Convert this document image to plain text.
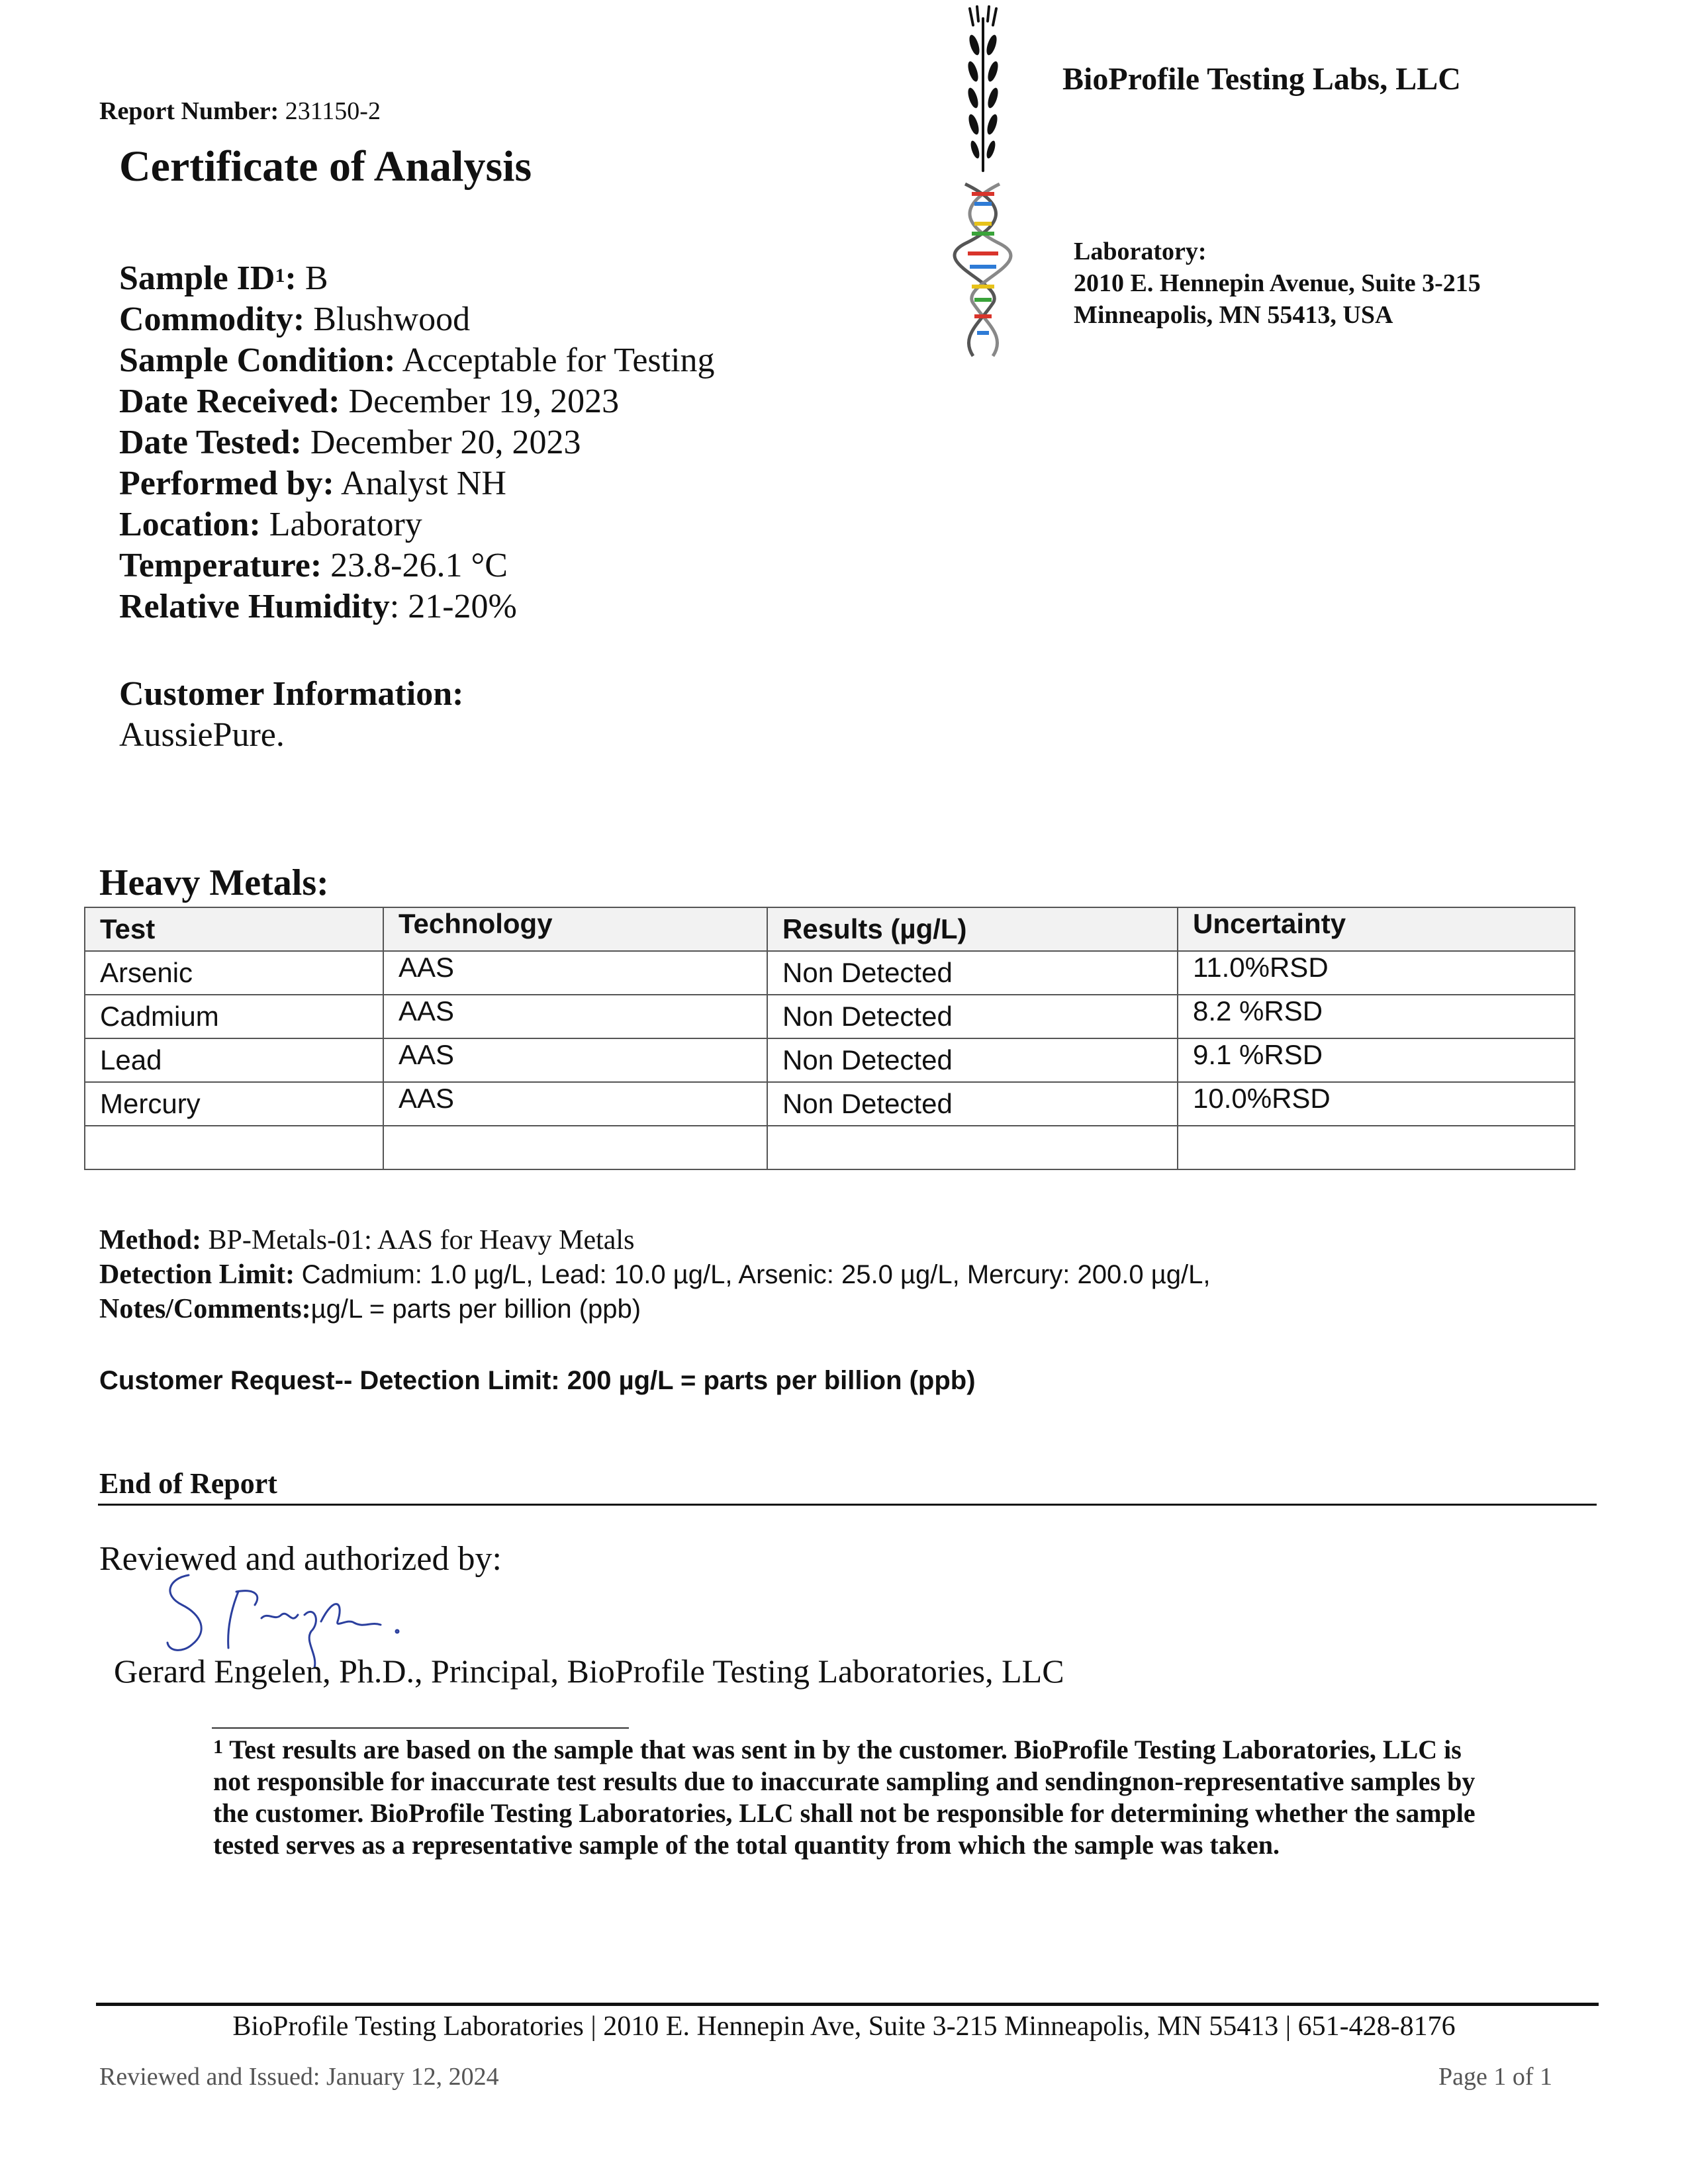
Report Number: 231150-2
Certificate of Analysis
BioProfile Testing Labs, LLC
Laboratory:
2010 E. Hennepin Avenue, Suite 3-215
Minneapolis, MN 55413, USA
Sample $ID^1$: B
Commodity: Blushwood
Sample Condition: Acceptable for Testing
Date Received: December 19, 2023
Date Tested: December 20, 2023
Performed by: Analyst NH
Location: Laboratory
Temperature: 23.8-26.1 °C
Relative Humidity: 21-20%
Customer Information:
AussiePure.
Heavy Metals:
Test	Technology	Results (µg/L)	Uncertainty
Arsenic	AAS	Non Detected	11.0%RSD
Cadmium	AAS	Non Detected	8.2 %RSD
Lead	AAS	Non Detected	9.1 %RSD
Mercury	AAS	Non Detected	10.0%RSD

Method: BP-Metals-01: AAS for Heavy Metals
Detection Limit: Cadmium: 1.0 µg/L, Lead: 10.0 µg/L, Arsenic: 25.0 µg/L, Mercury: 200.0 µg/L,
Notes/Comments:µg/L = parts per billion (ppb)
Customer Request-- Detection Limit: 200 µg/L = parts per billion (ppb)
End of Report
Reviewed and authorized by:
Gerard Engelen, Ph.D., Principal, BioProfile Testing Laboratories, LLC
$^1$ Test results are based on the sample that was sent in by the customer. BioProfile Testing Laboratories, LLC is not responsible for inaccurate test results due to inaccurate sampling and sendingnon-representative samples by the customer. BioProfile Testing Laboratories, LLC shall not be responsible for determining whether the sample tested serves as a representative sample of the total quantity from which the sample was taken.
BioProfile Testing Laboratories | 2010 E. Hennepin Ave, Suite 3-215 Minneapolis, MN 55413 | 651-428-8176
Reviewed and Issued: January 12, 2024	Page 1 of 1
